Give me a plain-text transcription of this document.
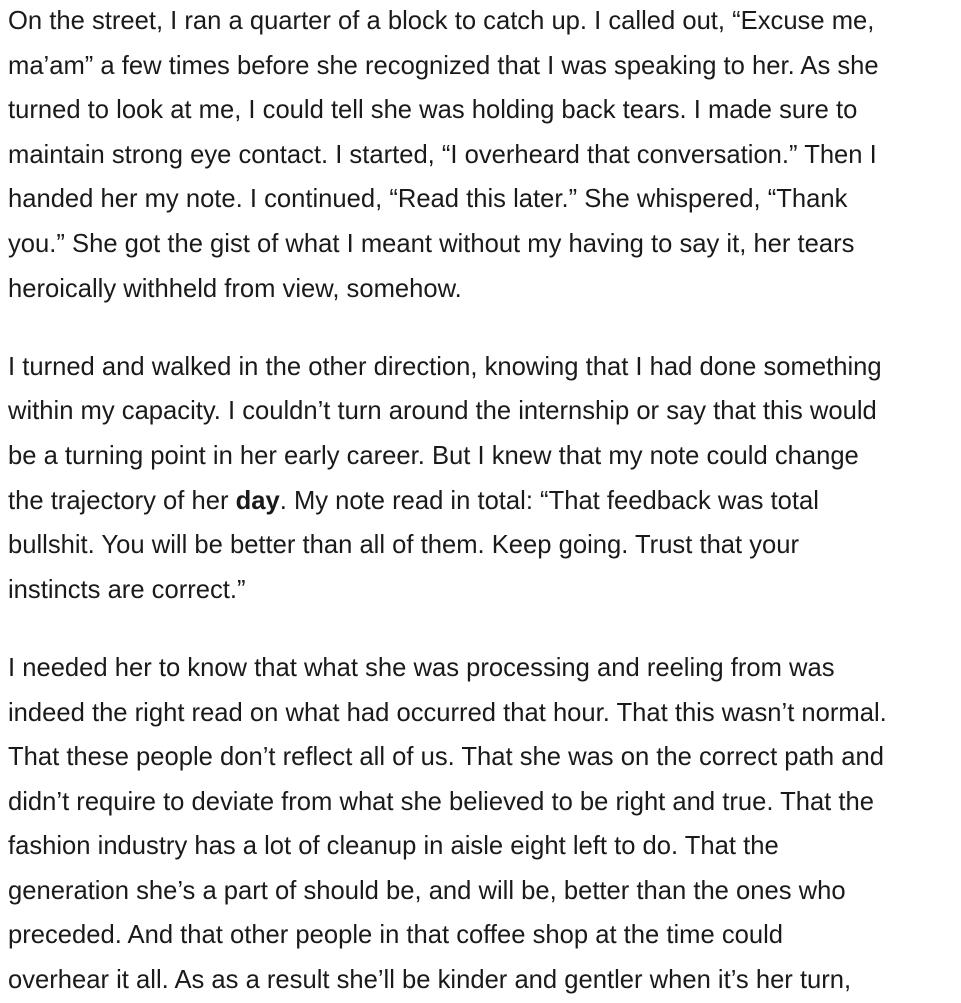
On the street, I ran a quarter of a block to catch up. I called out, “Excuse me,
ma’am” a few times before she recognized that I was speaking to her. As she
turned to look at me, I could tell she was holding back tears. I made sure to
maintain strong eye contact. I started, “I overheard that conversation.” Then I
handed her my note. I continued, “Read this later.” She whispered, “Thank
you.” She got the gist of what I meant without my having to say it, her tears
heroically withheld from view, somehow.

I turned and walked in the other direction, knowing that I had done something
within my capacity. I couldn’t turn around the internship or say that this would
be a turning point in her early career. But I knew that my note could change
the trajectory of her day. My note read in total: “That feedback was total
bullshit. You will be better than all of them. Keep going. Trust that your
instincts are correct.”

I needed her to know that what she was processing and reeling from was
indeed the right read on what had occurred that hour. That this wasn’t normal.
That these people don’t reflect all of us. That she was on the correct path and
didn’t require to deviate from what she believed to be right and true. That the
fashion industry has a lot of cleanup in aisle eight left to do. That the
generation she’s a part of should be, and will be, better than the ones who
preceded. And that other people in that coffee shop at the time could
overhear it all. As as a result she’ll be kinder and gentler when it’s her turn,
